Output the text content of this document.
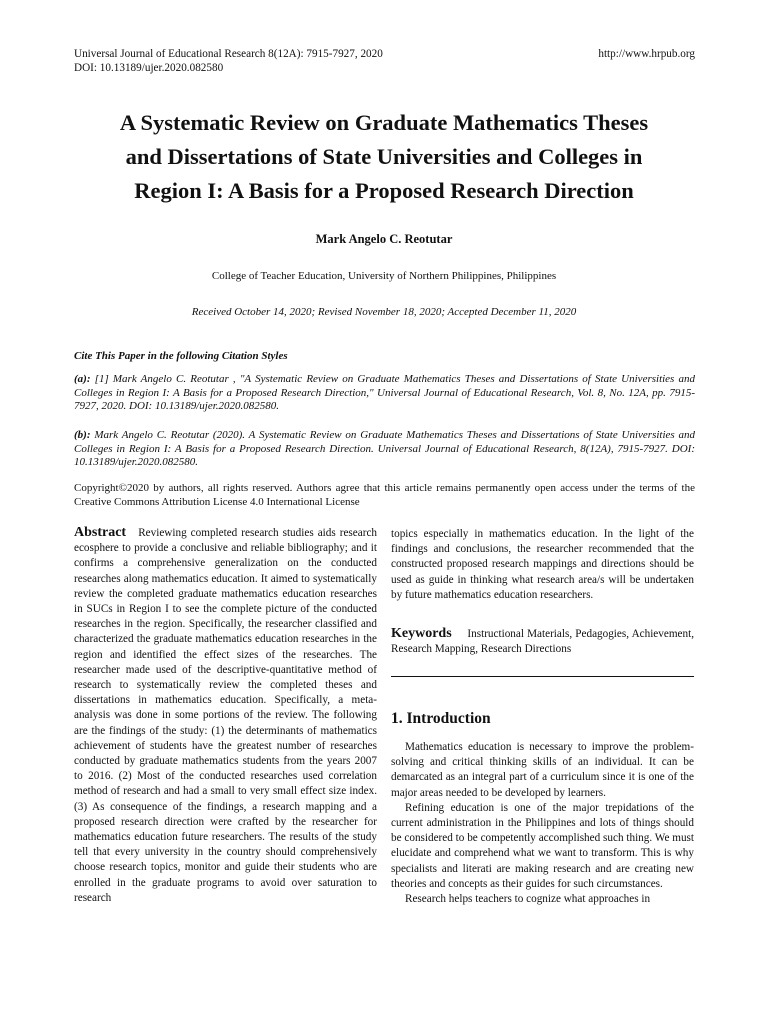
Universal Journal of Educational Research 8(12A): 7915-7927, 2020
DOI: 10.13189/ujer.2020.082580
http://www.hrpub.org
A Systematic Review on Graduate Mathematics Theses
and Dissertations of State Universities and Colleges in
Region I: A Basis for a Proposed Research Direction
Mark Angelo C. Reotutar
College of Teacher Education, University of Northern Philippines, Philippines
Received October 14, 2020; Revised November 18, 2020; Accepted December 11, 2020
Cite This Paper in the following Citation Styles
(a): [1] Mark Angelo C. Reotutar , "A Systematic Review on Graduate Mathematics Theses and Dissertations of State Universities and Colleges in Region I: A Basis for a Proposed Research Direction," Universal Journal of Educational Research, Vol. 8, No. 12A, pp. 7915-7927, 2020. DOI: 10.13189/ujer.2020.082580.
(b): Mark Angelo C. Reotutar (2020). A Systematic Review on Graduate Mathematics Theses and Dissertations of State Universities and Colleges in Region I: A Basis for a Proposed Research Direction. Universal Journal of Educational Research, 8(12A), 7915-7927. DOI: 10.13189/ujer.2020.082580.
Copyright©2020 by authors, all rights reserved. Authors agree that this article remains permanently open access under the terms of the Creative Commons Attribution License 4.0 International License

Abstract Reviewing completed research studies aids research ecosphere to provide a conclusive and reliable bibliography; and it confirms a comprehensive generalization on the conducted researches along mathematics education. It aimed to systematically review the completed graduate mathematics education researches in SUCs in Region I to see the complete picture of the conducted researches in the region. Specifically, the researcher classified and characterized the graduate mathematics education researches in the region and identified the effect sizes of the researches. The researcher made used of the descriptive-quantitative method of research to systematically review the completed theses and dissertations in mathematics education. Specifically, a meta-analysis was done in some portions of the review. The following are the findings of the study: (1) the determinants of mathematics achievement of students have the greatest number of researches conducted by graduate mathematics students from the years 2007 to 2016. (2) Most of the conducted researches used correlation method of research and had a small to very small effect size index. (3) As consequence of the findings, a research mapping and a proposed research direction were crafted by the researcher for mathematics education future researchers. The results of the study tell that every university in the country should comprehensively choose research topics, monitor and guide their students who are enrolled in the graduate programs to avoid over saturation to research

topics especially in mathematics education. In the light of the findings and conclusions, the researcher recommended that the constructed proposed research mappings and directions should be used as guide in thinking what research area/s will be undertaken by future mathematics education researchers.

Keywords Instructional Materials, Pedagogies, Achievement, Research Mapping, Research Directions

1. Introduction

Mathematics education is necessary to improve the problem-solving and critical thinking skills of an individual. It can be demarcated as an integral part of a curriculum since it is one of the major areas needed to be developed by learners.

Refining education is one of the major trepidations of the current administration in the Philippines and lots of things should be considered to be competently accomplished such thing. We must elucidate and comprehend what we want to transform. This is why specialists and literati are making research and are creating new theories and concepts as their guides for such circumstances.

Research helps teachers to cognize what approaches in
